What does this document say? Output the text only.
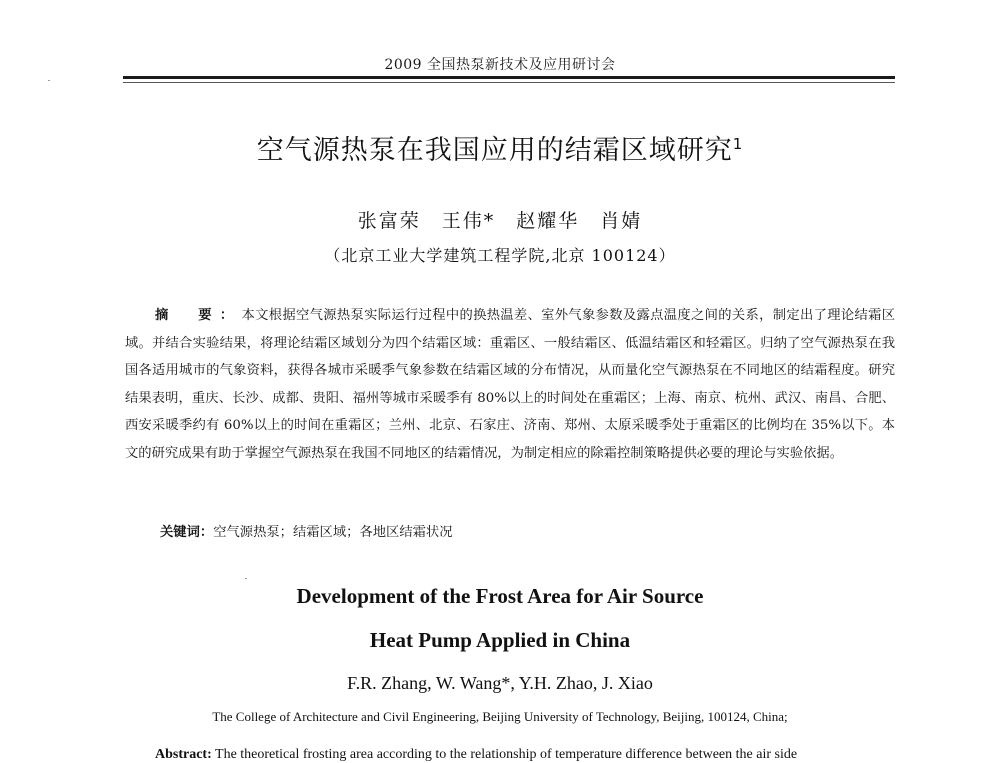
2009 全国热泵新技术及应用研讨会
空气源热泵在我国应用的结霜区域研究$^1$
张富荣　王伟*　赵耀华　肖婧
（北京工业大学建筑工程学院,北京 100124）

摘　要：本文根据空气源热泵实际运行过程中的换热温差、室外气象参数及露点温度之间的关系，制定出了理论结霜区域。并结合实验结果，将理论结霜区域划分为四个结霜区域：重霜区、一般结霜区、低温结霜区和轻霜区。归纳了空气源热泵在我国各适用城市的气象资料，获得各城市采暖季气象参数在结霜区域的分布情况，从而量化空气源热泵在不同地区的结霜程度。研究结果表明，重庆、长沙、成都、贵阳、福州等城市采暖季有 80%以上的时间处在重霜区；上海、南京、杭州、武汉、南昌、合肥、西安采暖季约有 60%以上的时间在重霜区；兰州、北京、石家庄、济南、郑州、太原采暖季处于重霜区的比例均在 35%以下。本文的研究成果有助于掌握空气源热泵在我国不同地区的结霜情况，为制定相应的除霜控制策略提供必要的理论与实验依据。

关键词：空气源热泵；结霜区域；各地区结霜状况
Development of the Frost Area for Air Source
Heat Pump Applied in China
F.R. Zhang, W. Wang*, Y.H. Zhao, J. Xiao
The College of Architecture and Civil Engineering, Beijing University of Technology, Beijing, 100124, China;
Abstract: The theoretical frosting area according to the relationship of temperature difference between the air side
